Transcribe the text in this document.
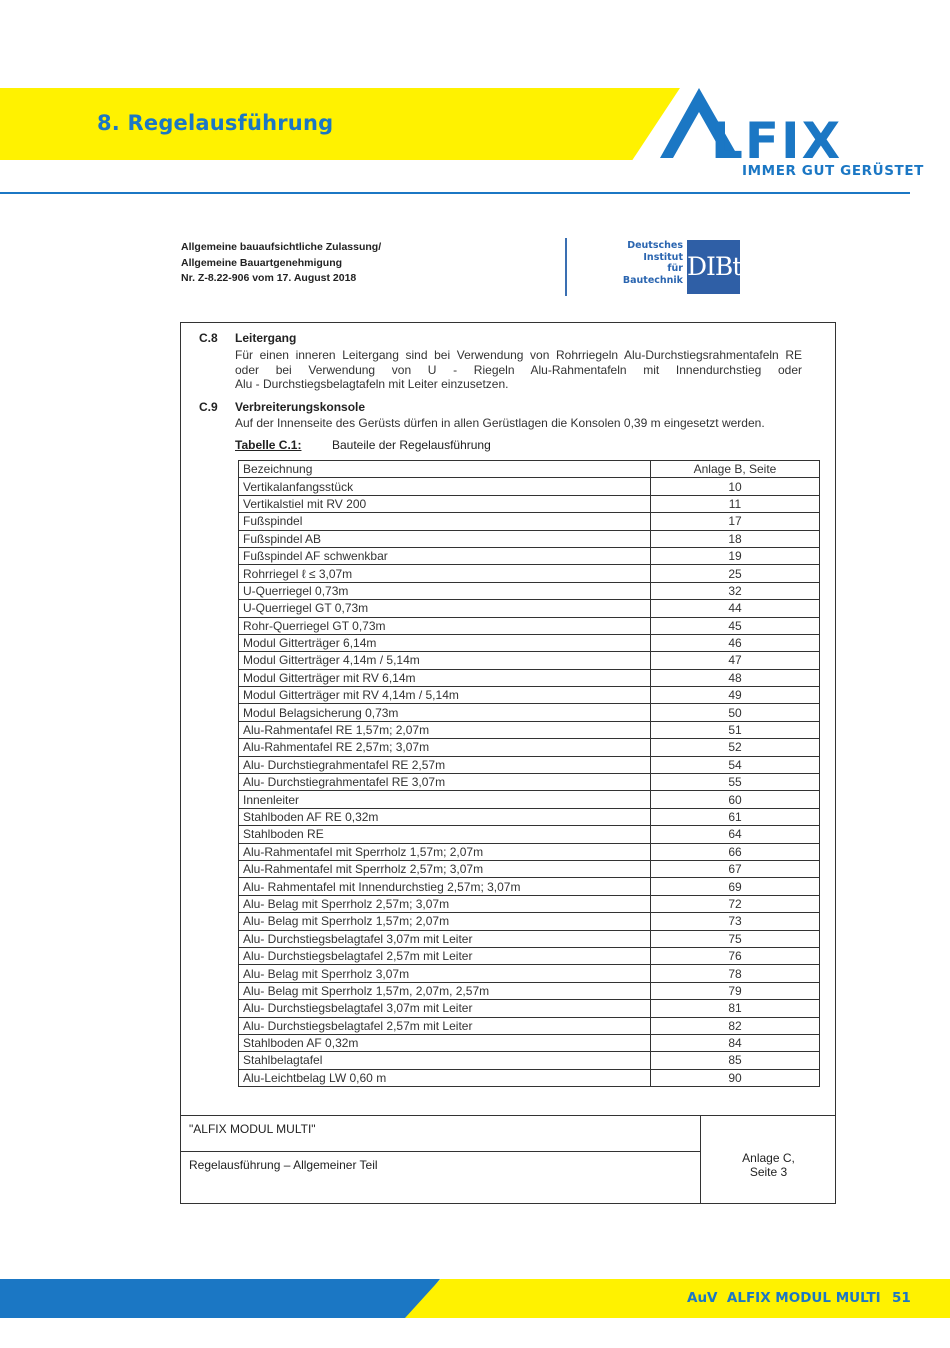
8. Regelausführung	LFIX
IMMER GUT GERÜSTET
Allgemeine bauaufsichtliche Zulassung/
Allgemeine Bauartgenehmigung
Nr. Z-8.22-906 vom 17. August 2018
Deutsches
Institut
für
Bautechnik DIBt
C.8 Leitergang
Für einen inneren Leitergang sind bei Verwendung von Rohrriegeln Alu-Durchstiegsrahmentafeln RE
oder bei Verwendung von U - Riegeln Alu-Rahmentafeln mit Innendurchstieg oder
Alu - Durchstiegsbelagtafeln mit Leiter einzusetzen.
C.9 Verbreiterungskonsole
Auf der Innenseite des Gerüsts dürfen in allen Gerüstlagen die Konsolen 0,39 m eingesetzt werden.
Tabelle C.1:	Bauteile der Regelausführung
Bezeichnung	Anlage B, Seite
Vertikalanfangsstück	10
Vertikalstiel mit RV 200	11
Fußspindel	17
Fußspindel AB	18
Fußspindel AF schwenkbar	19
Rohrriegel ℓ ≤ 3,07m	25
U-Querriegel 0,73m	32
U-Querriegel GT 0,73m	44
Rohr-Querriegel GT 0,73m	45
Modul Gitterträger 6,14m	46
Modul Gitterträger 4,14m / 5,14m	47
Modul Gitterträger mit RV 6,14m	48
Modul Gitterträger mit RV 4,14m / 5,14m	49
Modul Belagsicherung 0,73m	50
Alu-Rahmentafel RE 1,57m; 2,07m	51
Alu-Rahmentafel RE 2,57m; 3,07m	52
Alu- Durchstiegrahmentafel RE 2,57m	54
Alu- Durchstiegrahmentafel RE 3,07m	55
Innenleiter	60
Stahlboden AF RE 0,32m	61
Stahlboden RE	64
Alu-Rahmentafel mit Sperrholz 1,57m; 2,07m	66
Alu-Rahmentafel mit Sperrholz 2,57m; 3,07m	67
Alu- Rahmentafel mit Innendurchstieg 2,57m; 3,07m	69
Alu- Belag mit Sperrholz 2,57m; 3,07m	72
Alu- Belag mit Sperrholz 1,57m; 2,07m	73
Alu- Durchstiegsbelagtafel 3,07m mit Leiter	75
Alu- Durchstiegsbelagtafel 2,57m mit Leiter	76
Alu- Belag mit Sperrholz 3,07m	78
Alu- Belag mit Sperrholz 1,57m, 2,07m, 2,57m	79
Alu- Durchstiegsbelagtafel 3,07m mit Leiter	81
Alu- Durchstiegsbelagtafel 2,57m mit Leiter	82
Stahlboden AF 0,32m	84
Stahlbelagtafel	85
Alu-Leichtbelag LW 0,60 m	90
"ALFIX MODUL MULTI"
Regelausführung – Allgemeiner Teil	Anlage C,
Seite 3
AuV  ALFIX MODUL MULTI 51
